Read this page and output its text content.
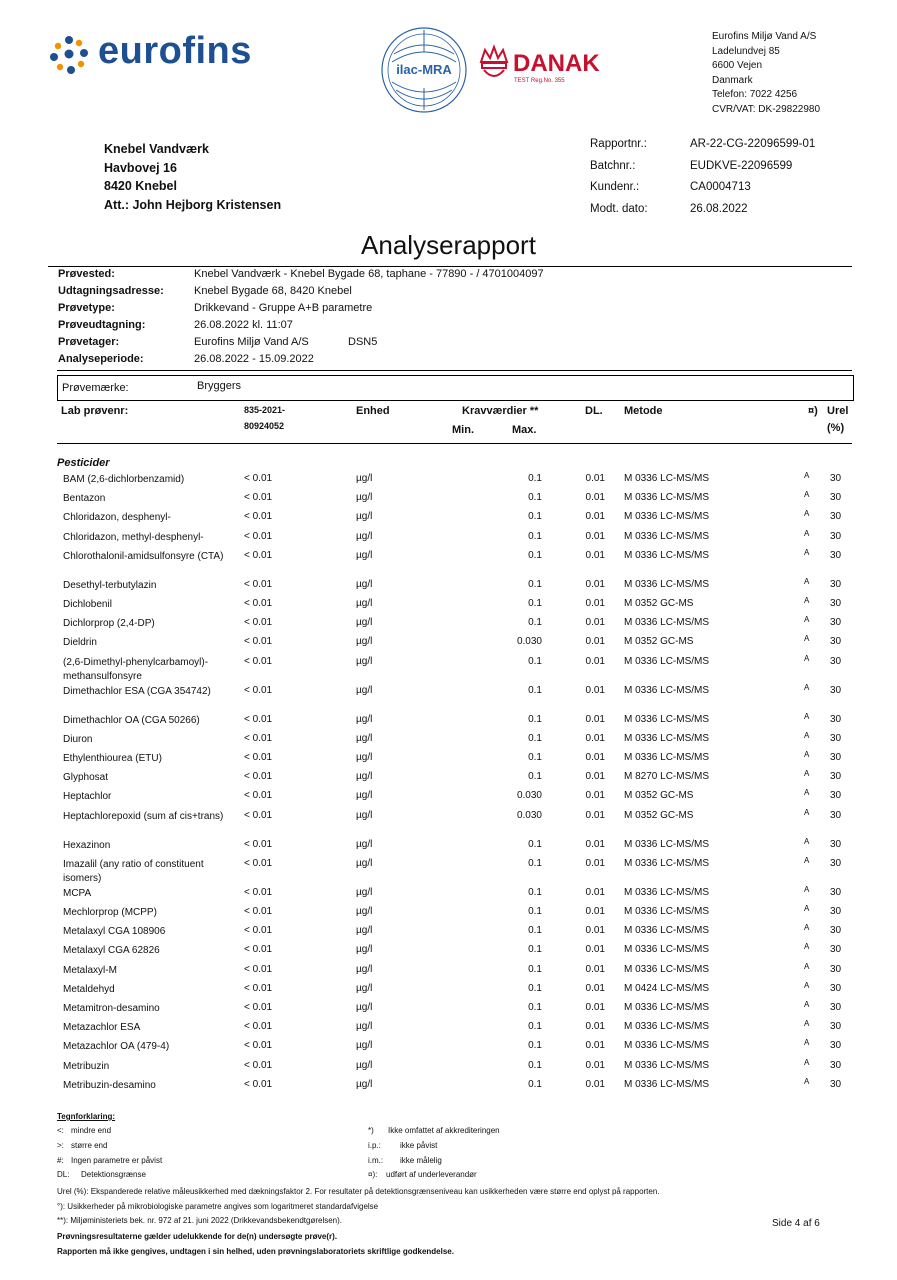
eurofins	ilac-MRA	DANAK
TEST Reg.No. 355
Eurofins Miljø Vand A/S
Ladelundvej 85
6600 Vejen
Danmark
Telefon: 7022 4256
CVR/VAT: DK-29822980
Knebel Vandværk
Havbovej 16
8420 Knebel
Att.: John Hejborg Kristensen
Rapportnr.:	AR-22-CG-22096599-01
Batchnr.:	EUDKVE-22096599
Kundenr.:	CA0004713
Modt. dato:	26.08.2022
Analyserapport
Prøvested:	Knebel Vandværk - Knebel Bygade 68, taphane - 77890 - / 4701004097
Udtagningsadresse:	Knebel Bygade 68, 8420 Knebel
Prøvetype:	Drikkevand - Gruppe A+B parametre
Prøveudtagning:	26.08.2022 kl. 11:07
Prøvetager:	Eurofins Miljø Vand A/S	DSN5
Analyseperiode:	26.08.2022 - 15.09.2022
Prøvemærke:	Bryggers
Lab prøvenr:	835-2021-
80924052
Enhed	Kravværdier **
Min.	Max.
DL. Metode	¤) Urel
(%)
Pesticider
BAM (2,6-dichlorbenzamid)	< 0.01	µg/l	0.1	0.01 M 0336 LC-MS/MS	A 30
Bentazon	< 0.01	µg/l	0.1	0.01 M 0336 LC-MS/MS	A 30
Chloridazon, desphenyl-	< 0.01	µg/l	0.1	0.01 M 0336 LC-MS/MS	A 30
Chloridazon, methyl-desphenyl-	< 0.01	µg/l	0.1	0.01 M 0336 LC-MS/MS	A 30
Chlorothalonil-amidsulfonsyre (CTA)	< 0.01	µg/l	0.1	0.01 M 0336 LC-MS/MS	A 30
Desethyl-terbutylazin	< 0.01	µg/l	0.1	0.01 M 0336 LC-MS/MS	A 30
Dichlobenil	< 0.01	µg/l	0.1	0.01 M 0352 GC-MS	A 30
Dichlorprop (2,4-DP)	< 0.01	µg/l	0.1	0.01 M 0336 LC-MS/MS	A 30
Dieldrin	< 0.01	µg/l	0.030	0.01 M 0352 GC-MS	A 30
(2,6-Dimethyl-phenylcarbamoyl)-methansulfonsyre
< 0.01	µg/l	0.1	0.01 M 0336 LC-MS/MS	A 30
Dimethachlor ESA (CGA 354742)	< 0.01	µg/l	0.1	0.01 M 0336 LC-MS/MS	A 30
Dimethachlor OA (CGA 50266)	< 0.01	µg/l	0.1	0.01 M 0336 LC-MS/MS	A 30
Diuron	< 0.01	µg/l	0.1	0.01 M 0336 LC-MS/MS	A 30
Ethylenthiourea (ETU)	< 0.01	µg/l	0.1	0.01 M 0336 LC-MS/MS	A 30
Glyphosat	< 0.01	µg/l	0.1	0.01 M 8270 LC-MS/MS	A 30
Heptachlor	< 0.01	µg/l	0.030	0.01 M 0352 GC-MS	A 30
Heptachlorepoxid (sum af cis+trans)	< 0.01	µg/l	0.030	0.01 M 0352 GC-MS	A 30
Hexazinon	< 0.01	µg/l	0.1	0.01 M 0336 LC-MS/MS	A 30
Imazalil (any ratio of constituent isomers)
< 0.01	µg/l	0.1	0.01 M 0336 LC-MS/MS	A 30
MCPA	< 0.01	µg/l	0.1	0.01 M 0336 LC-MS/MS	A 30
Mechlorprop (MCPP)	< 0.01	µg/l	0.1	0.01 M 0336 LC-MS/MS	A 30
Metalaxyl CGA 108906	< 0.01	µg/l	0.1	0.01 M 0336 LC-MS/MS	A 30
Metalaxyl CGA 62826	< 0.01	µg/l	0.1	0.01 M 0336 LC-MS/MS	A 30
Metalaxyl-M	< 0.01	µg/l	0.1	0.01 M 0336 LC-MS/MS	A 30
Metaldehyd	< 0.01	µg/l	0.1	0.01 M 0424 LC-MS/MS	A 30
Metamitron-desamino	< 0.01	µg/l	0.1	0.01 M 0336 LC-MS/MS	A 30
Metazachlor ESA	< 0.01	µg/l	0.1	0.01 M 0336 LC-MS/MS	A 30
Metazachlor OA (479-4)	< 0.01	µg/l	0.1	0.01 M 0336 LC-MS/MS	A 30
Metribuzin	< 0.01	µg/l	0.1	0.01 M 0336 LC-MS/MS	A 30
Metribuzin-desamino	< 0.01	µg/l	0.1	0.01 M 0336 LC-MS/MS	A 30
Tegnforklaring:
<: mindre end
>: større end
#: Ingen parametre er påvist
DL: Detektionsgrænse
*) Ikke omfattet af akkrediteringen
i.p.: ikke påvist
i.m.: ikke målelig
¤): udført af underleverandør
Urel (%): Ekspanderede relative måleusikkerhed med dækningsfaktor 2. For resultater på detektionsgrænseniveau kan usikkerheden være større end oplyst på rapporten.
°): Usikkerheder på mikrobiologiske parametre angives som logaritmeret standardafvigelse
**): Miljøministeriets bek. nr. 972 af 21. juni 2022 (Drikkevandsbekendtgørelsen).
Prøvningsresultaterne gælder udelukkende for de(n) undersøgte prøve(r).
Rapporten må ikke gengives, undtagen i sin helhed, uden prøvningslaboratoriets skriftlige godkendelse.
Side 4 af 6
